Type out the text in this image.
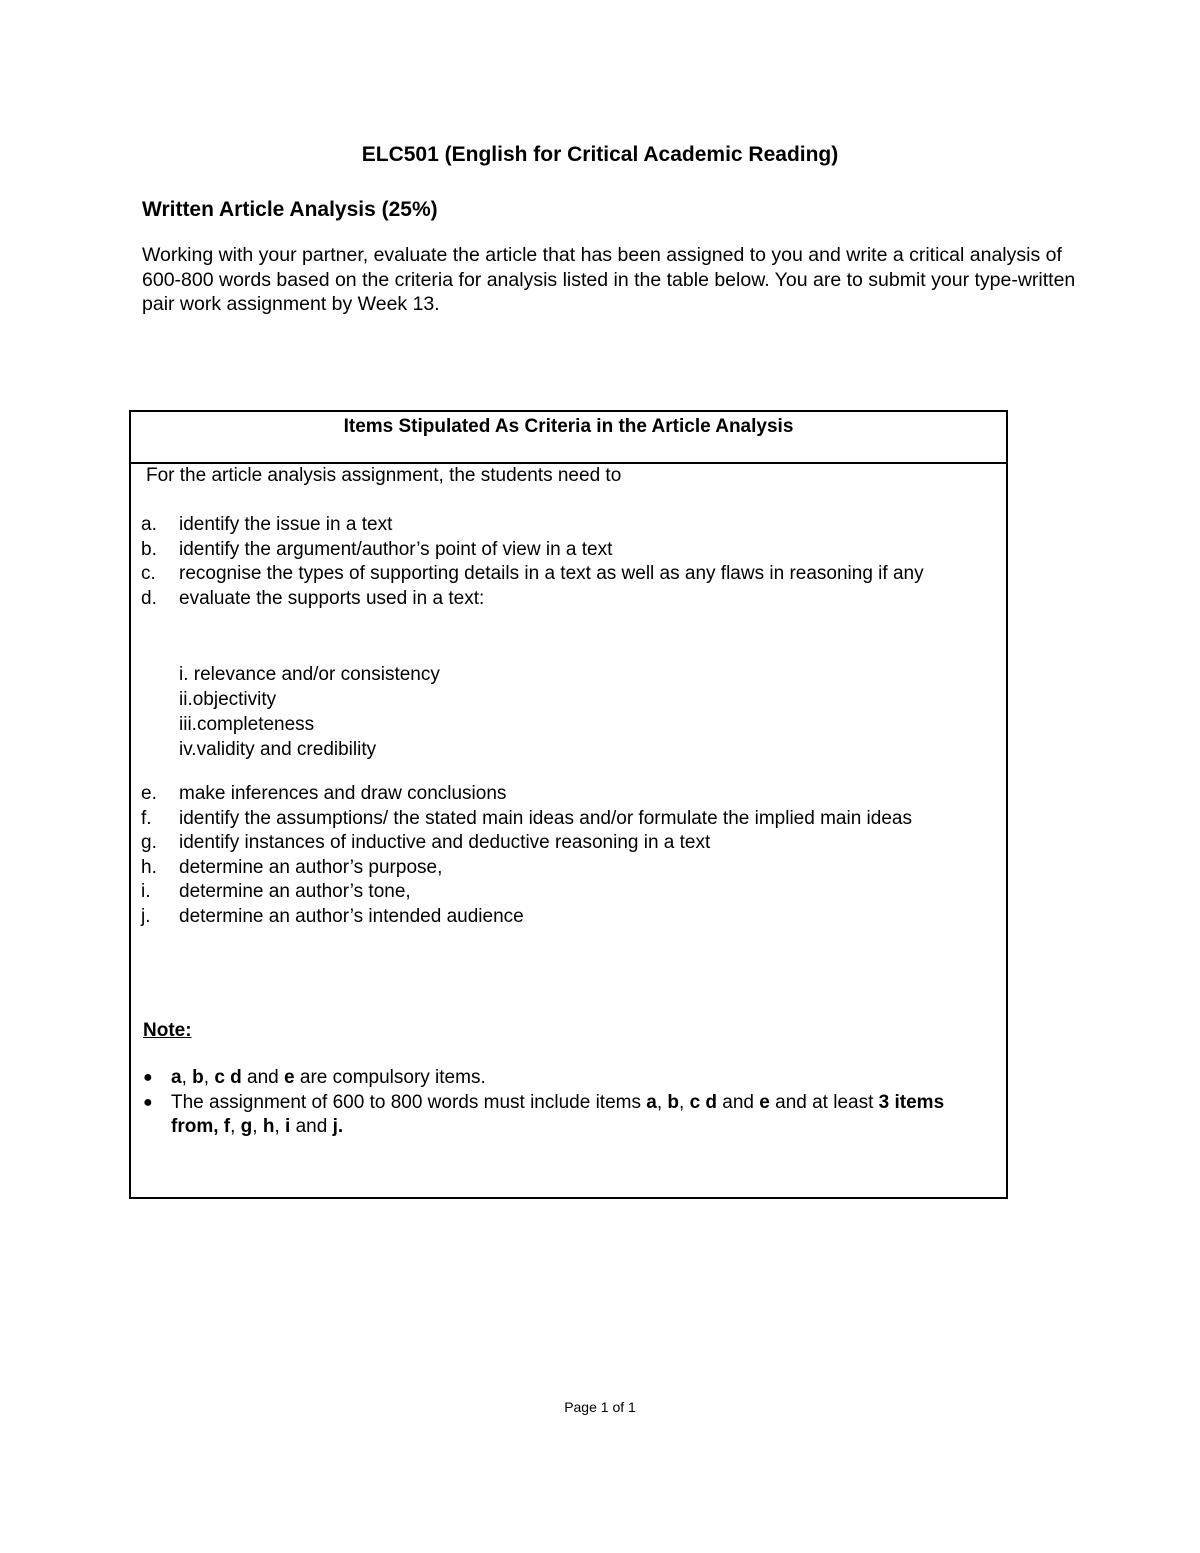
ELC501 (English for Critical Academic Reading)
Written Article Analysis (25%)

Working with your partner, evaluate the article that has been assigned to you and write a critical analysis of 600-800 words based on the criteria for analysis listed in the table below. You are to submit your type-written pair work assignment by Week 13.

Items Stipulated As Criteria in the Article Analysis

For the article analysis assignment, the students need to

a.	identify the issue in a text
b.	identify the argument/author’s point of view in a text
c.	recognise the types of supporting details in a text as well as any flaws in reasoning if any
d.	evaluate the supports used in a text:
i. relevance and/or consistency
ii.objectivity
iii.completeness
iv.validity and credibility
e.	make inferences and draw conclusions
f.	identify the assumptions/ the stated main ideas and/or formulate the implied main ideas
g.	identify instances of inductive and deductive reasoning in a text
h.	determine an author’s purpose,
i.	determine an author’s tone,
j.	determine an author’s intended audience

Note:

● a, b, c d and e are compulsory items.
● The assignment of 600 to 800 words must include items a, b, c d and e and at least 3 items from, f, g, h, i and j.

Page 1 of 1
